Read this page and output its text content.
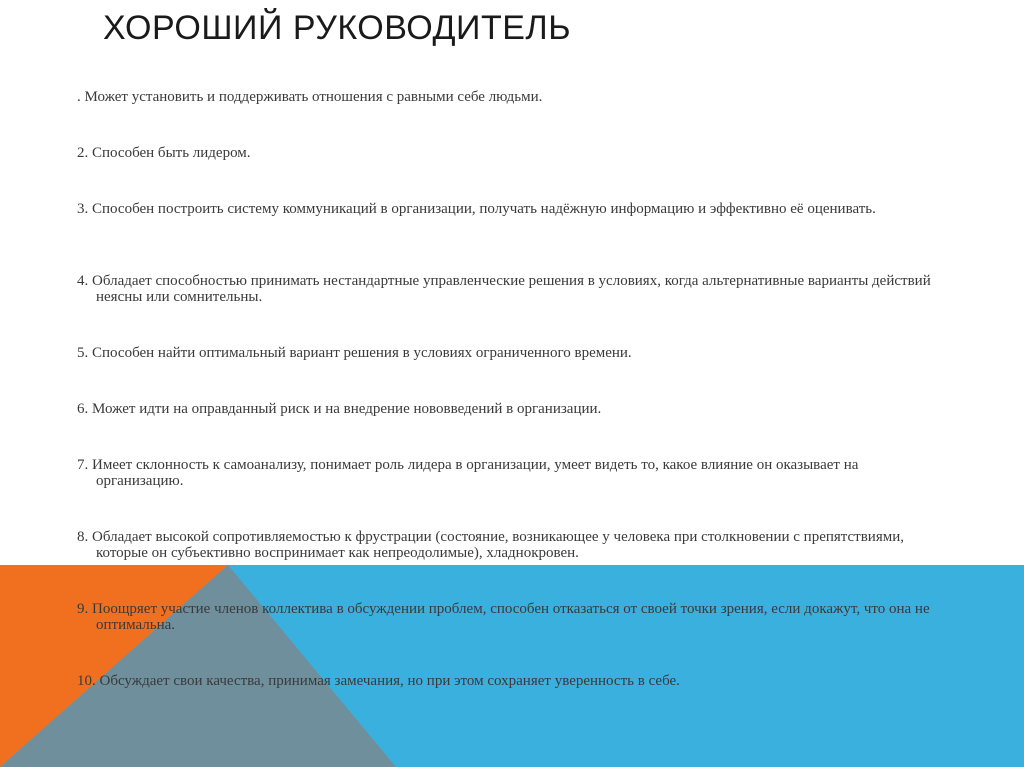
ХОРОШИЙ РУКОВОДИТЕЛЬ

. Может установить и поддерживать отношения с равными себе людьми.

2. Способен быть лидером.

3. Способен построить систему коммуникаций в организации, получать надёжную информацию и эффективно её оценивать.

4. Обладает способностью принимать нестандартные управленческие решения в условиях, когда альтернативные варианты действий неясны или сомнительны.

5. Способен найти оптимальный вариант решения в условиях ограниченного времени.

6. Может идти на оправданный риск и на внедрение нововведений в организации.

7. Имеет склонность к самоанализу, понимает роль лидера в организации, умеет видеть то, какое влияние он оказывает на организацию.

8. Обладает высокой сопротивляемостью к фрустрации (состояние, возникающее у человека при столкновении с препятствиями, которые он субъективно воспринимает как непреодолимые), хладнокровен.

9. Поощряет участие членов коллектива в обсуждении проблем, способен отказаться от своей точки зрения, если докажут, что она не оптимальна.

10. Обсуждает свои качества, принимая замечания, но при этом сохраняет уверенность в себе.
